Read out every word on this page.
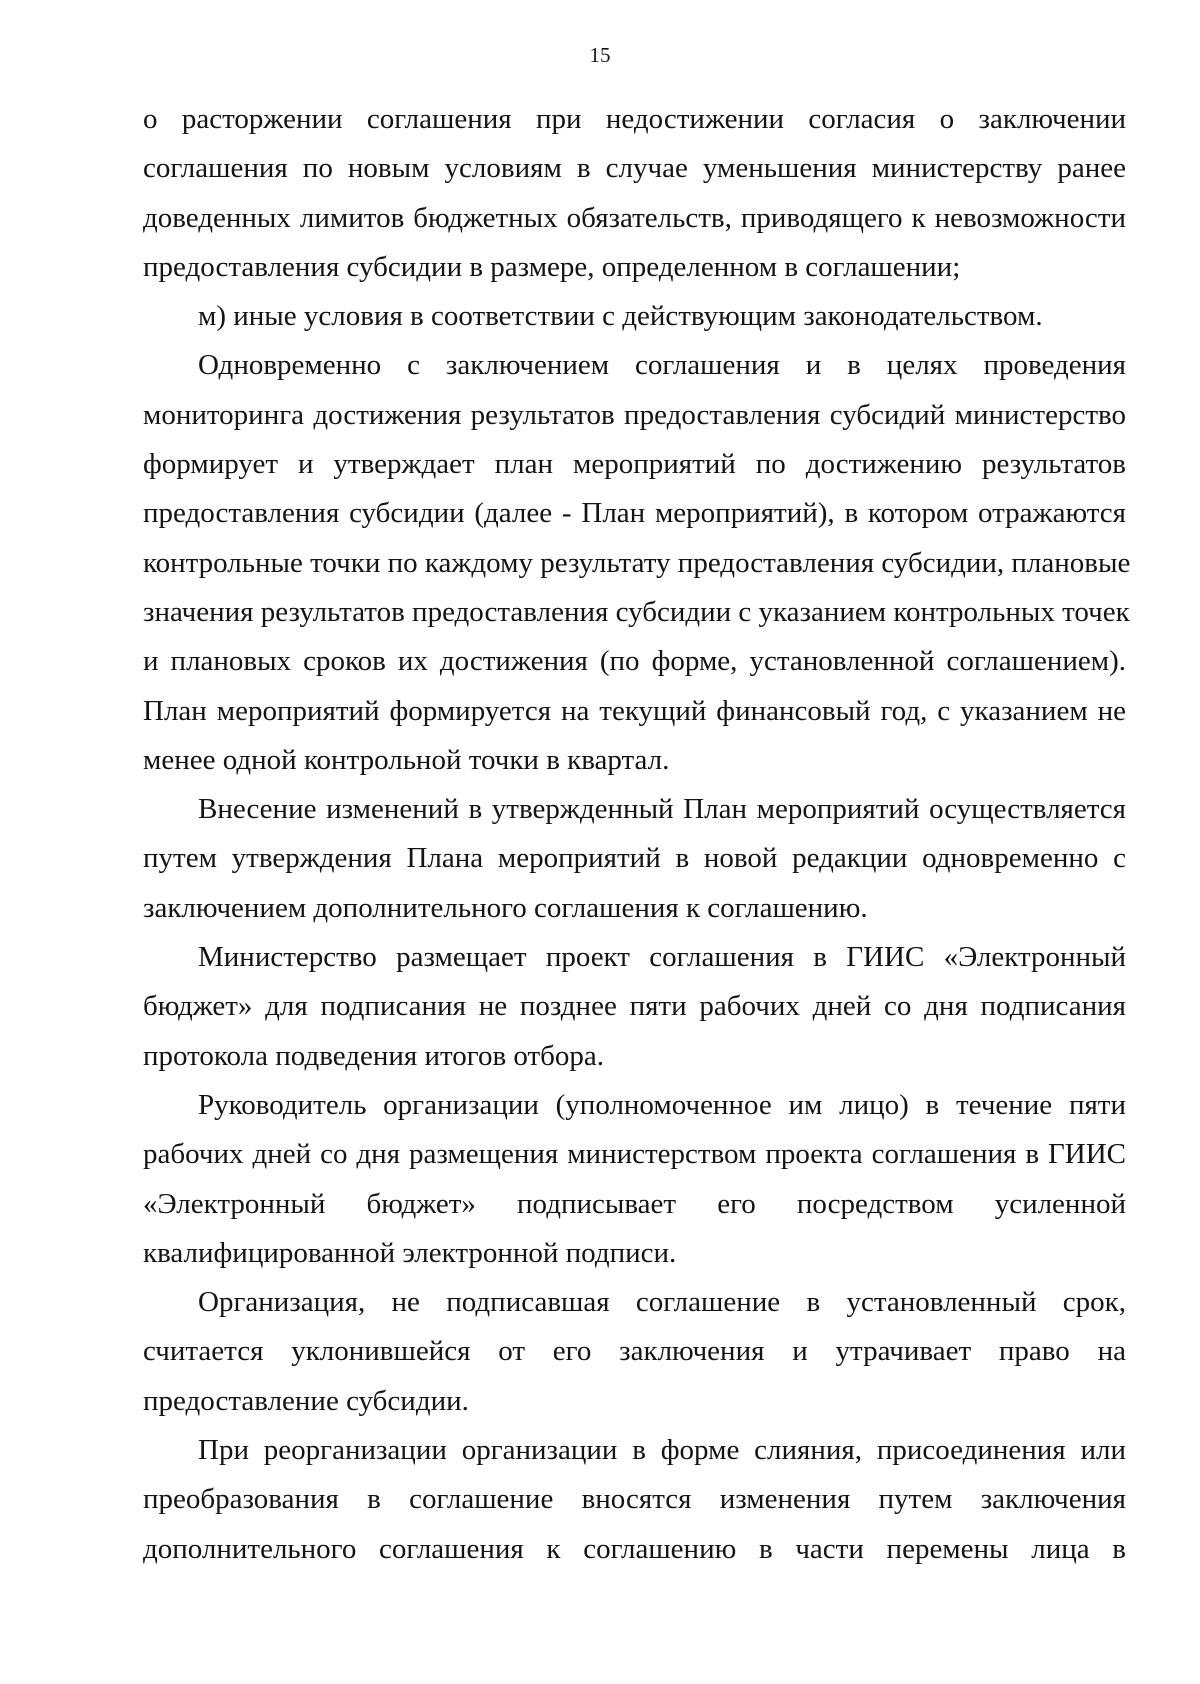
15
о расторжении соглашения при недостижении согласия о заключении
соглашения по новым условиям в случае уменьшения министерству ранее
доведенных лимитов бюджетных обязательств, приводящего к невозможности
предоставления субсидии в размере, определенном в соглашении;
м) иные условия в соответствии с действующим законодательством.
Одновременно с заключением соглашения и в целях проведения
мониторинга достижения результатов предоставления субсидий министерство
формирует и утверждает план мероприятий по достижению результатов
предоставления субсидии (далее - План мероприятий), в котором отражаются
контрольные точки по каждому результату предоставления субсидии, плановые
значения результатов предоставления субсидии с указанием контрольных точек
и плановых сроков их достижения (по форме, установленной соглашением).
План мероприятий формируется на текущий финансовый год, с указанием не
менее одной контрольной точки в квартал.
Внесение изменений в утвержденный План мероприятий осуществляется
путем утверждения Плана мероприятий в новой редакции одновременно с
заключением дополнительного соглашения к соглашению.
Министерство размещает проект соглашения в ГИИС «Электронный
бюджет» для подписания не позднее пяти рабочих дней со дня подписания
протокола подведения итогов отбора.
Руководитель организации (уполномоченное им лицо) в течение пяти
рабочих дней со дня размещения министерством проекта соглашения в ГИИС
«Электронный бюджет» подписывает его посредством усиленной
квалифицированной электронной подписи.
Организация, не подписавшая соглашение в установленный срок,
считается уклонившейся от его заключения и утрачивает право на
предоставление субсидии.
При реорганизации организации в форме слияния, присоединения или
преобразования в соглашение вносятся изменения путем заключения
дополнительного соглашения к соглашению в части перемены лица в
